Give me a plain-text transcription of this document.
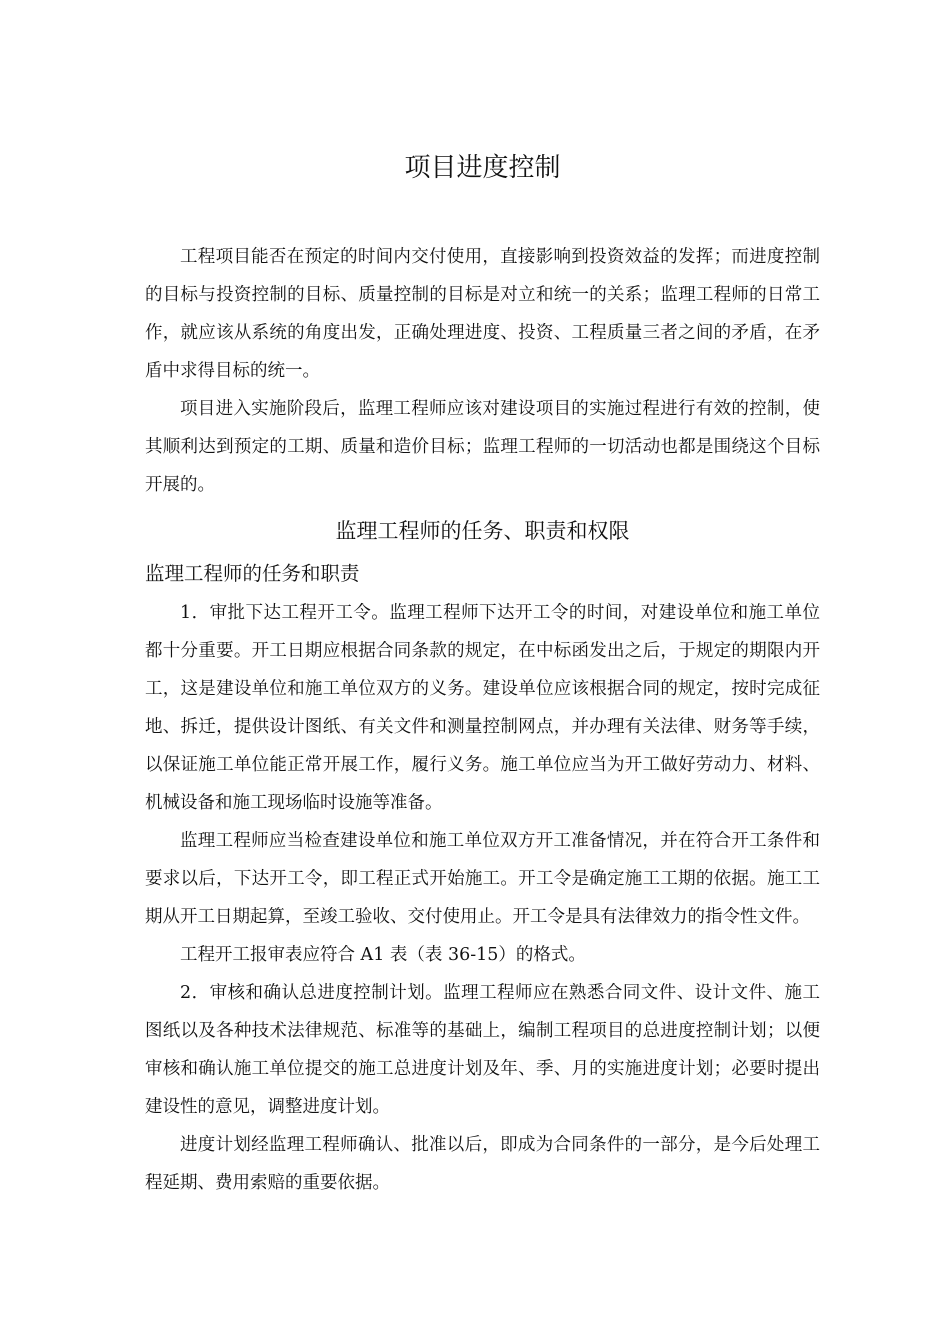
项目进度控制

工程项目能否在预定的时间内交付使用，直接影响到投资效益的发挥；而进度控制的目标与投资控制的目标、质量控制的目标是对立和统一的关系；监理工程师的日常工作，就应该从系统的角度出发，正确处理进度、投资、工程质量三者之间的矛盾，在矛盾中求得目标的统一。

项目进入实施阶段后，监理工程师应该对建设项目的实施过程进行有效的控制，使其顺利达到预定的工期、质量和造价目标；监理工程师的一切活动也都是围绕这个目标开展的。

监理工程师的任务、职责和权限
监理工程师的任务和职责

1．审批下达工程开工令。监理工程师下达开工令的时间，对建设单位和施工单位都十分重要。开工日期应根据合同条款的规定，在中标函发出之后，于规定的期限内开工，这是建设单位和施工单位双方的义务。建设单位应该根据合同的规定，按时完成征地、拆迁，提供设计图纸、有关文件和测量控制网点，并办理有关法律、财务等手续，以保证施工单位能正常开展工作，履行义务。施工单位应当为开工做好劳动力、材料、机械设备和施工现场临时设施等准备。

监理工程师应当检查建设单位和施工单位双方开工准备情况，并在符合开工条件和要求以后，下达开工令，即工程正式开始施工。开工令是确定施工工期的依据。施工工期从开工日期起算，至竣工验收、交付使用止。开工令是具有法律效力的指令性文件。

工程开工报审表应符合 A1 表（表 36-15）的格式。

2．审核和确认总进度控制计划。监理工程师应在熟悉合同文件、设计文件、施工图纸以及各种技术法律规范、标准等的基础上，编制工程项目的总进度控制计划；以便审核和确认施工单位提交的施工总进度计划及年、季、月的实施进度计划；必要时提出建设性的意见，调整进度计划。

进度计划经监理工程师确认、批准以后，即成为合同条件的一部分，是今后处理工程延期、费用索赔的重要依据。
